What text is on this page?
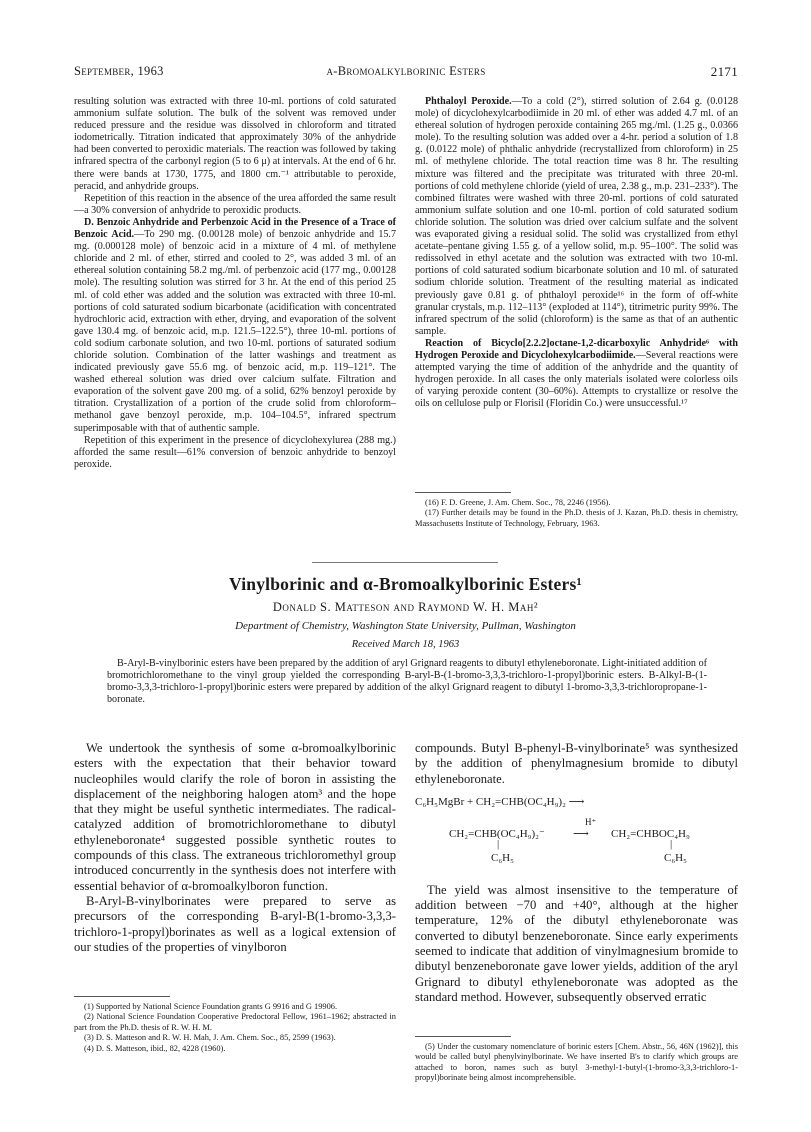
September, 1963	α-Bromoalkylborinic Esters	2171

resulting solution was extracted with three 10-ml. portions of cold saturated ammonium sulfate solution. The bulk of the solvent was removed under reduced pressure and the residue was dissolved in chloroform and titrated iodometrically. Titration indicated that approximately 30% of the anhydride had been converted to peroxidic materials. The reaction was followed by taking infrared spectra of the carbonyl region (5 to 6 μ) at intervals. At the end of 6 hr. there were bands at 1730, 1775, and 1800 cm.⁻¹ attributable to peroxide, peracid, and anhydride groups.

Repetition of this reaction in the absence of the urea afforded the same result—a 30% conversion of anhydride to peroxidic products.

D. Benzoic Anhydride and Perbenzoic Acid in the Presence of a Trace of Benzoic Acid.—To 290 mg. (0.00128 mole) of benzoic anhydride and 15.7 mg. (0.000128 mole) of benzoic acid in a mixture of 4 ml. of methylene chloride and 2 ml. of ether, stirred and cooled to 2°, was added 3 ml. of an ethereal solution containing 58.2 mg./ml. of perbenzoic acid (177 mg., 0.00128 mole). The resulting solution was stirred for 3 hr. At the end of this period 25 ml. of cold ether was added and the solution was extracted with three 10-ml. portions of cold saturated sodium bicarbonate (acidification with concentrated hydrochloric acid, extraction with ether, drying, and evaporation of the solvent gave 130.4 mg. of benzoic acid, m.p. 121.5–122.5°), three 10-ml. portions of cold sodium carbonate solution, and two 10-ml. portions of saturated sodium chloride solution. Combination of the latter washings and treatment as indicated previously gave 55.6 mg. of benzoic acid, m.p. 119–121°. The washed ethereal solution was dried over calcium sulfate. Filtration and evaporation of the solvent gave 200 mg. of a solid, 62% benzoyl peroxide by titration. Crystallization of a portion of the crude solid from chloroform–methanol gave benzoyl peroxide, m.p. 104–104.5°, infrared spectrum superimposable with that of authentic sample.

Repetition of this experiment in the presence of dicyclohexylurea (288 mg.) afforded the same result—61% conversion of benzoic anhydride to benzoyl peroxide.

Phthaloyl Peroxide.—To a cold (2°), stirred solution of 2.64 g. (0.0128 mole) of dicyclohexylcarbodiimide in 20 ml. of ether was added 4.7 ml. of an ethereal solution of hydrogen peroxide containing 265 mg./ml. (1.25 g., 0.0366 mole). To the resulting solution was added over a 4-hr. period a solution of 1.8 g. (0.0122 mole) of phthalic anhydride (recrystallized from chloroform) in 25 ml. of methylene chloride. The total reaction time was 8 hr. The resulting mixture was filtered and the precipitate was triturated with three 20-ml. portions of cold methylene chloride (yield of urea, 2.38 g., m.p. 231–233°). The combined filtrates were washed with three 20-ml. portions of cold saturated ammonium sulfate solution and one 10-ml. portion of cold saturated sodium chloride solution. The solution was dried over calcium sulfate and the solvent was evaporated giving a residual solid. The solid was crystallized from ethyl acetate–pentane giving 1.55 g. of a yellow solid, m.p. 95–100°. The solid was redissolved in ethyl acetate and the solution was extracted with two 10-ml. portions of cold saturated sodium bicarbonate solution and 10 ml. of saturated sodium chloride solution. Treatment of the resulting material as indicated previously gave 0.81 g. of phthaloyl peroxide¹⁶ in the form of off-white granular crystals, m.p. 112–113° (exploded at 114°), titrimetric purity 99%. The infrared spectrum of the solid (chloroform) is the same as that of an authentic sample.

Reaction of Bicyclo[2.2.2]octane-1,2-dicarboxylic Anhydride⁶ with Hydrogen Peroxide and Dicyclohexylcarbodiimide.—Several reactions were attempted varying the time of addition of the anhydride and the quantity of hydrogen peroxide. In all cases the only materials isolated were colorless oils of varying peroxide content (30–60%). Attempts to crystallize or resolve the oils on cellulose pulp or Florisil (Floridin Co.) were unsuccessful.¹⁷

(16) F. D. Greene, J. Am. Chem. Soc., 78, 2246 (1956).

(17) Further details may be found in the Ph.D. thesis of J. Kazan, Ph.D. thesis in chemistry, Massachusetts Institute of Technology, February, 1963.

Vinylborinic and α-Bromoalkylborinic Esters¹
Donald S. Matteson and Raymond W. H. Mah²
Department of Chemistry, Washington State University, Pullman, Washington
Received March 18, 1963

B-Aryl-B-vinylborinic esters have been prepared by the addition of aryl Grignard reagents to dibutyl ethyleneboronate. Light-initiated addition of bromotrichloromethane to the vinyl group yielded the corresponding B-aryl-B-(1-bromo-3,3,3-trichloro-1-propyl)borinic esters. B-Alkyl-B-(1-bromo-3,3,3-trichloro-1-propyl)borinic esters were prepared by addition of the alkyl Grignard reagent to dibutyl 1-bromo-3,3,3-trichloropropane-1-boronate.

We undertook the synthesis of some α-bromoalkylborinic esters with the expectation that their behavior toward nucleophiles would clarify the role of boron in assisting the displacement of the neighboring halogen atom³ and the hope that they might be useful synthetic intermediates. The radical-catalyzed addition of bromotrichloromethane to dibutyl ethyleneboronate⁴ suggested possible synthetic routes to compounds of this class. The extraneous trichloromethyl group introduced concurrently in the synthesis does not interfere with essential behavior of α-bromoalkylboron function.

B-Aryl-B-vinylborinates were prepared to serve as precursors of the corresponding B-aryl-B(1-bromo-3,3,3-trichloro-1-propyl)borinates as well as a logical extension of our studies of the properties of vinylboron

compounds. Butyl B-phenyl-B-vinylborinate⁵ was synthesized by the addition of phenylmagnesium bromide to dibutyl ethyleneboronate.

C₆H₅MgBr + CH₂=CHB(OC₄H₉)₂ ⟶
H⁺
CH₂=CHB(OC₄H₉)₂⁻	⟶ CH₂=CHBOC₄H₉
|	|
C₆H₅	C₆H₅

The yield was almost insensitive to the temperature of addition between −70 and +40°, although at the higher temperature, 12% of the dibutyl ethyleneboronate was converted to dibutyl benzeneboronate. Since early experiments seemed to indicate that addition of vinylmagnesium bromide to dibutyl benzeneboronate gave lower yields, addition of the aryl Grignard to dibutyl ethyleneboronate was adopted as the standard method. However, subsequently observed erratic

(1) Supported by National Science Foundation grants G 9916 and G 19906.

(2) National Science Foundation Cooperative Predoctoral Fellow, 1961–1962; abstracted in part from the Ph.D. thesis of R. W. H. M.

(3) D. S. Matteson and R. W. H. Mah, J. Am. Chem. Soc., 85, 2599 (1963).

(4) D. S. Matteson, ibid., 82, 4228 (1960).	(5) Under the customary nomenclature of borinic esters [Chem. Abstr., 56, 46N (1962)], this would be called butyl phenylvinylborinate. We have inserted B's to clarify which groups are attached to boron, names such as butyl 3-methyl-1-butyl-(1-bromo-3,3,3-trichloro-1-propyl)borinate being almost incomprehensible.
